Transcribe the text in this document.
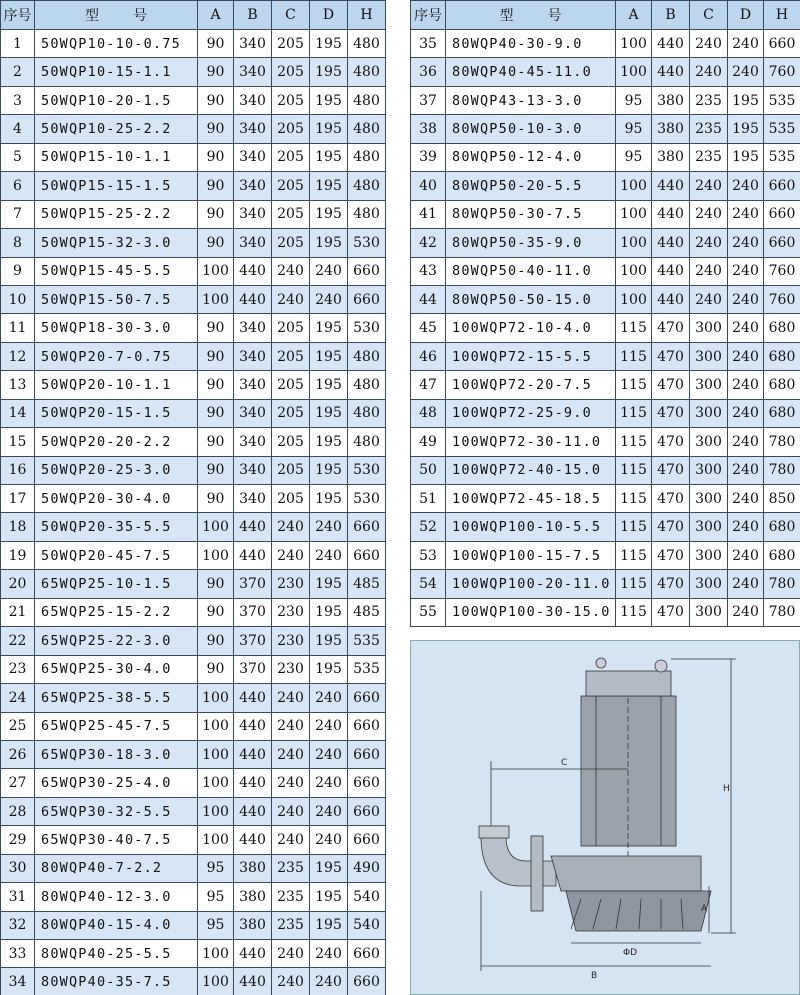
序号	型 号	A	B	C	D	H
1	50WQP10-10-0.75	90	340	205	195	480
2	50WQP10-15-1.1	90	340	205	195	480
3	50WQP10-20-1.5	90	340	205	195	480
4	50WQP10-25-2.2	90	340	205	195	480
5	50WQP15-10-1.1	90	340	205	195	480
6	50WQP15-15-1.5	90	340	205	195	480
7	50WQP15-25-2.2	90	340	205	195	480
8	50WQP15-32-3.0	90	340	205	195	530
9	50WQP15-45-5.5	100	440	240	240	660
10	50WQP15-50-7.5	100	440	240	240	660
11	50WQP18-30-3.0	90	340	205	195	530
12	50WQP20-7-0.75	90	340	205	195	480
13	50WQP20-10-1.1	90	340	205	195	480
14	50WQP20-15-1.5	90	340	205	195	480
15	50WQP20-20-2.2	90	340	205	195	480
16	50WQP20-25-3.0	90	340	205	195	530
17	50WQP20-30-4.0	90	340	205	195	530
18	50WQP20-35-5.5	100	440	240	240	660
19	50WQP20-45-7.5	100	440	240	240	660
20	65WQP25-10-1.5	90	370	230	195	485
21	65WQP25-15-2.2	90	370	230	195	485
22	65WQP25-22-3.0	90	370	230	195	535
23	65WQP25-30-4.0	90	370	230	195	535
24	65WQP25-38-5.5	100	440	240	240	660
25	65WQP25-45-7.5	100	440	240	240	660
26	65WQP30-18-3.0	100	440	240	240	660
27	65WQP30-25-4.0	100	440	240	240	660
28	65WQP30-32-5.5	100	440	240	240	660
29	65WQP30-40-7.5	100	440	240	240	660
30	80WQP40-7-2.2	95	380	235	195	490
31	80WQP40-12-3.0	95	380	235	195	540
32	80WQP40-15-4.0	95	380	235	195	540
33	80WQP40-25-5.5	100	440	240	240	660
34	80WQP40-35-7.5	100	440	240	240	660
序号	型 号	A	B	C	D	H
35	80WQP40-30-9.0	100	440	240	240	660
36	80WQP40-45-11.0	100	440	240	240	760
37	80WQP43-13-3.0	95	380	235	195	535
38	80WQP50-10-3.0	95	380	235	195	535
39	80WQP50-12-4.0	95	380	235	195	535
40	80WQP50-20-5.5	100	440	240	240	660
41	80WQP50-30-7.5	100	440	240	240	660
42	80WQP50-35-9.0	100	440	240	240	660
43	80WQP50-40-11.0	100	440	240	240	760
44	80WQP50-50-15.0	100	440	240	240	760
45	100WQP72-10-4.0	115	470	300	240	680
46	100WQP72-15-5.5	115	470	300	240	680
47	100WQP72-20-7.5	115	470	300	240	680
48	100WQP72-25-9.0	115	470	300	240	680
49	100WQP72-30-11.0	115	470	300	240	780
50	100WQP72-40-15.0	115	470	300	240	780
51	100WQP72-45-18.5	115	470	300	240	850
52	100WQP100-10-5.5	115	470	300	240	680
53	100WQP100-15-7.5	115	470	300	240	680
54	100WQP100-20-11.0	115	470	300	240	780
55	100WQP100-30-15.0	115	470	300	240	780
C
H
A
ΦD
B
